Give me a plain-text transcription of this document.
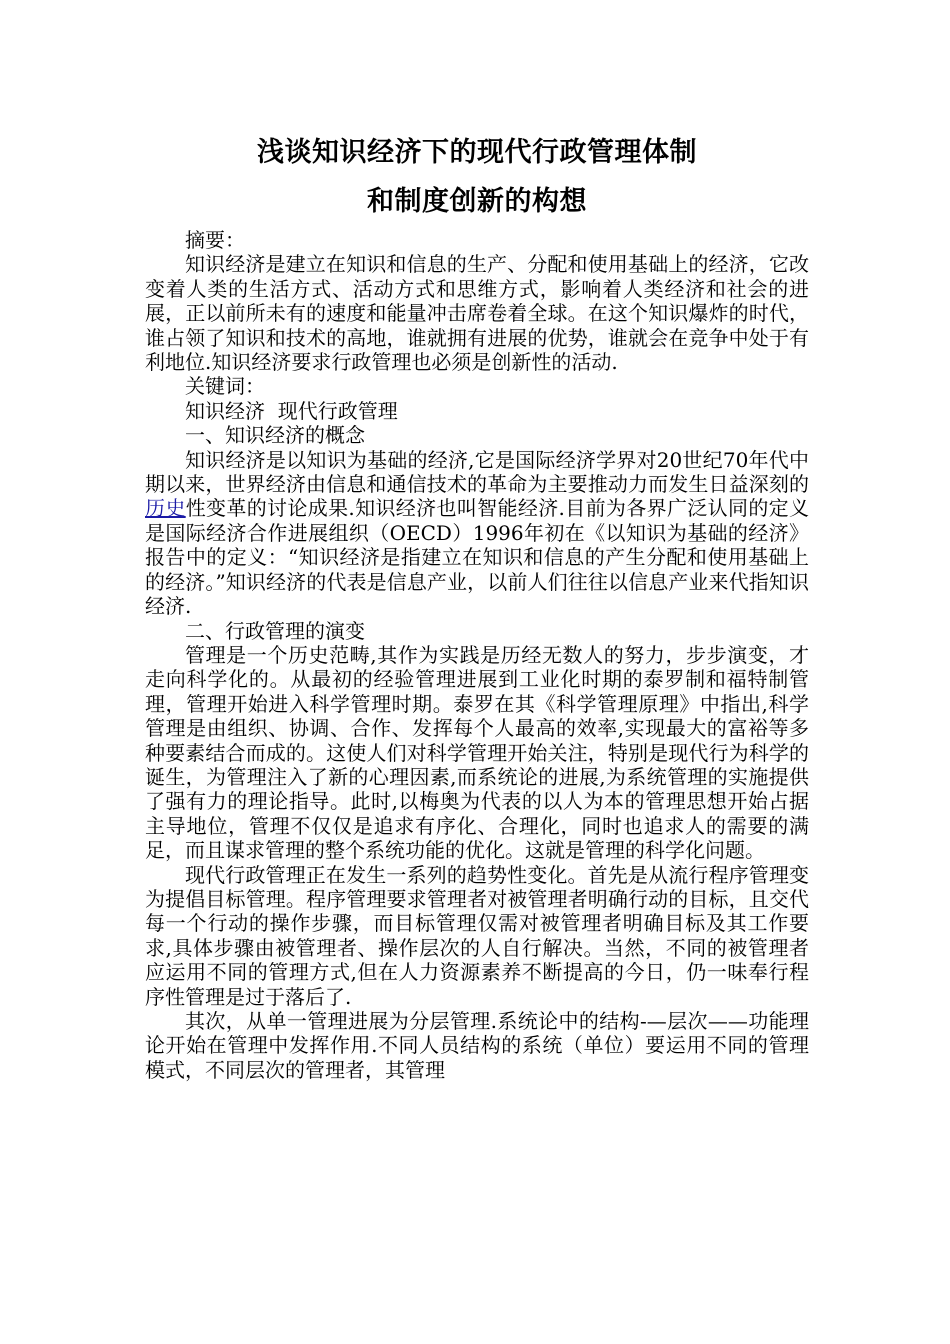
浅谈知识经济下的现代行政管理体制
和制度创新的构想

摘要：

知识经济是建立在知识和信息的生产、分配和使用基础上的经济，它改变着人类的生活方式、活动方式和思维方式，影响着人类经济和社会的进展，正以前所未有的速度和能量冲击席卷着全球。在这个知识爆炸的时代，谁占领了知识和技术的高地，谁就拥有进展的优势，谁就会在竞争中处于有利地位.知识经济要求行政管理也必须是创新性的活动.

关键词：

知识经济  现代行政管理

一、知识经济的概念

知识经济是以知识为基础的经济,它是国际经济学界对20世纪70年代中期以来，世界经济由信息和通信技术的革命为主要推动力而发生日益深刻的历史性变革的讨论成果.知识经济也叫智能经济.目前为各界广泛认同的定义是国际经济合作进展组织（OECD）1996年初在《以知识为基础的经济》报告中的定义：“知识经济是指建立在知识和信息的产生分配和使用基础上的经济。”知识经济的代表是信息产业，以前人们往往以信息产业来代指知识经济.

二、行政管理的演变

管理是一个历史范畴,其作为实践是历经无数人的努力，步步演变，才走向科学化的。从最初的经验管理进展到工业化时期的泰罗制和福特制管理，管理开始进入科学管理时期。泰罗在其《科学管理原理》中指出,科学管理是由组织、协调、合作、发挥每个人最高的效率,实现最大的富裕等多种要素结合而成的。这使人们对科学管理开始关注，特别是现代行为科学的诞生，为管理注入了新的心理因素,而系统论的进展,为系统管理的实施提供了强有力的理论指导。此时,以梅奥为代表的以人为本的管理思想开始占据主导地位，管理不仅仅是追求有序化、合理化，同时也追求人的需要的满足，而且谋求管理的整个系统功能的优化。这就是管理的科学化问题。

现代行政管理正在发生一系列的趋势性变化。首先是从流行程序管理变为提倡目标管理。程序管理要求管理者对被管理者明确行动的目标，且交代每一个行动的操作步骤，而目标管理仅需对被管理者明确目标及其工作要求,具体步骤由被管理者、操作层次的人自行解决。当然，不同的被管理者应运用不同的管理方式,但在人力资源素养不断提高的今日，仍一味奉行程序性管理是过于落后了.

其次，从单一管理进展为分层管理.系统论中的结构-—层次——功能理论开始在管理中发挥作用.不同人员结构的系统（单位）要运用不同的管理模式，不同层次的管理者，其管理
